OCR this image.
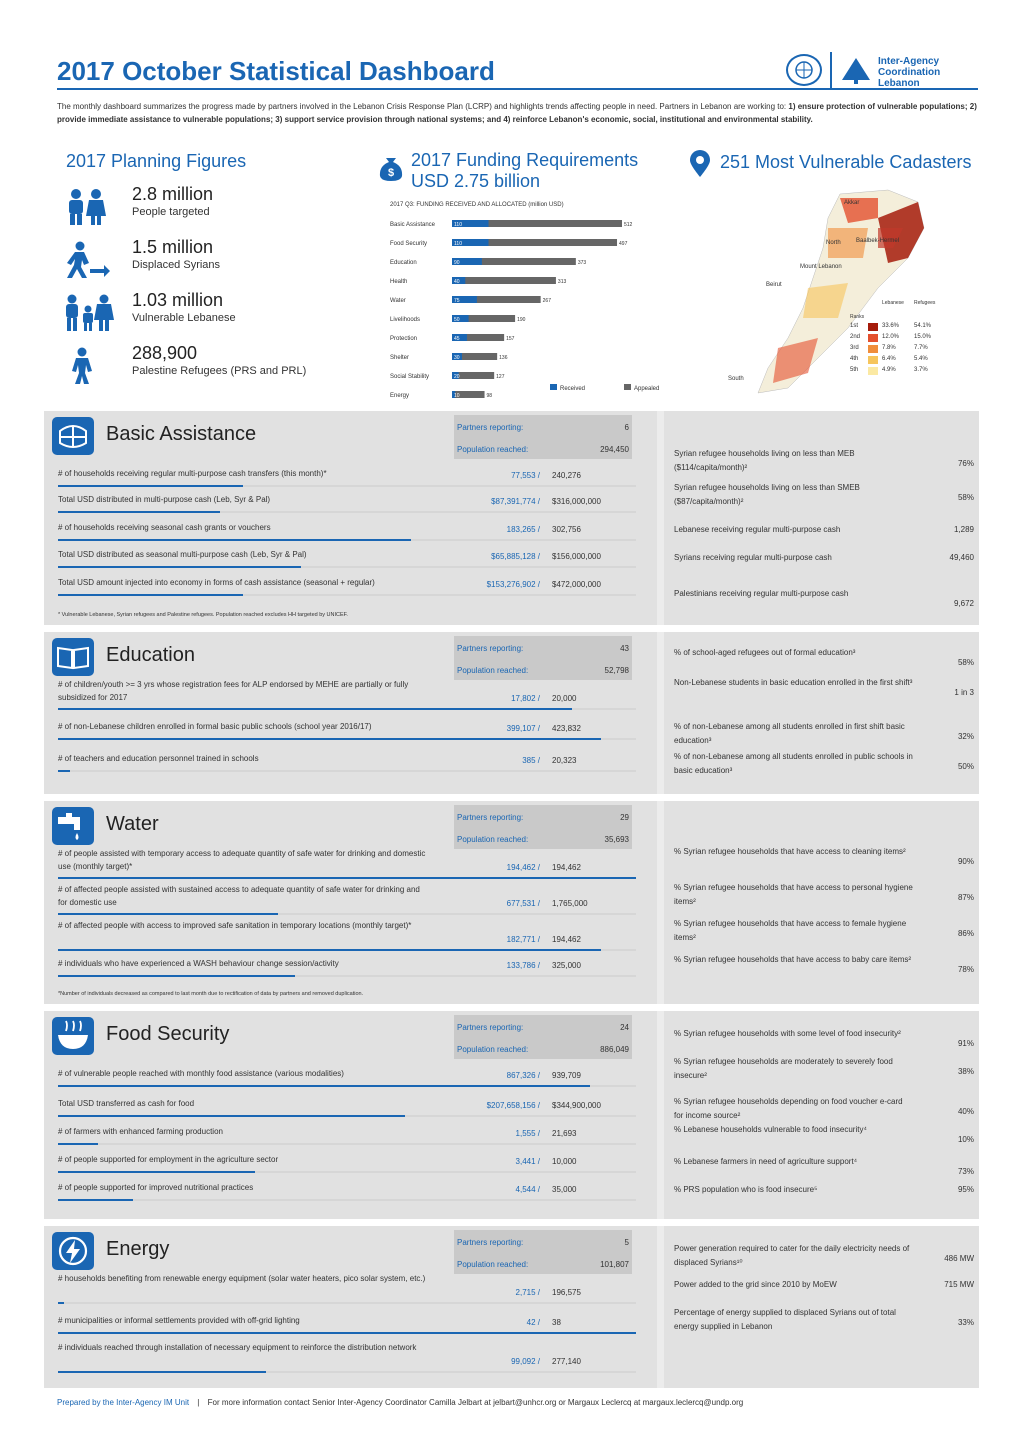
2017 October Statistical Dashboard	Inter-Agency
Coordination
Lebanon
The monthly dashboard summarizes the progress made by partners involved in the Lebanon Crisis Response Plan (LCRP) and highlights trends affecting people in need. Partners in Lebanon are working to: 1) ensure protection of vulnerable populations; 2) provide immediate assistance to vulnerable populations; 3) support service provision through national systems; and 4) reinforce Lebanon's economic, social, institutional and environmental stability.
2017 Planning Figures
2.8 million
People targeted
1.5 million
Displaced Syrians
1.03 million
Vulnerable Lebanese
288,900
Palestine Refugees (PRS and PRL)
$
2017 Funding Requirements
USD 2.75 billion
2017 Q3: FUNDING RECEIVED AND ALLOCATED (million USD)
Basic Assistance	110	512
Food Security	110	497
Education	90	373
Health	40	313
Water	75	267
Livelihoods	50	190
Protection	45	157
Shelter	30	136
Social Stability	20	127
Energy	10	98
Received	Appealed
251 Most Vulnerable Cadasters
Akkar
North	Baalbek-Hermel
Mount Lebanon
Beirut
South
Lebanese Refugees
Ranks
1st	33.6% 54.1%
2nd	12.0% 15.0%
3rd	7.8%	7.7%
4th	6.4%	5.4%
5th	4.9%	3.7%
Basic Assistance	Partners reporting:	6
Population reached:	294,450
# of households receiving regular multi-purpose cash transfers (this month)*	77,553 / 240,276
Total USD distributed in multi-purpose cash (Leb, Syr & Pal)	$87,391,774 / $316,000,000
# of households receiving seasonal cash grants or vouchers	183,265 / 302,756
Total USD distributed as seasonal multi-purpose cash (Leb, Syr & Pal)	$65,885,128 / $156,000,000
Total USD amount injected into economy in forms of cash assistance (seasonal + regular)	$153,276,902 / $472,000,000
* Vulnerable Lebanese, Syrian refugees and Palestine refugees. Population reached excludes HH targeted by UNICEF.
Syrian refugee households living on less than MEB ($114/capita/month)²	76%
Syrian refugee households living on less than SMEB ($87/capita/month)²	58%
Lebanese receiving regular multi-purpose cash	1,289
Syrians receiving regular multi-purpose cash	49,460
Palestinians receiving regular multi-purpose cash
9,672
Education	Partners reporting:	43
Population reached:	52,798
# of children/youth >= 3 yrs whose registration fees for ALP endorsed by MEHE are partially or fully subsidized for 2017	17,802 / 20,000
# of non-Lebanese children enrolled in formal basic public schools (school year 2016/17)	399,107 / 423,832
# of teachers and education personnel trained in schools	385 / 20,323
% of school-aged refugees out of formal education³
58%
Non-Lebanese students in basic education enrolled in the first shift³
1 in 3
% of non-Lebanese among all students enrolled in first shift basic education³	32%
% of non-Lebanese among all students enrolled in public schools in basic education³	50%
Water	Partners reporting:	29
Population reached:	35,693
# of people assisted with temporary access to adequate quantity of safe water for drinking and domestic use (monthly target)*	194,462 / 194,462
# of affected people assisted with sustained access to adequate quantity of safe water for drinking and for domestic use	677,531 / 1,765,000
# of affected people with access to improved safe sanitation in temporary locations (monthly target)*
182,771 / 194,462
# individuals who have experienced a WASH behaviour change session/activity	133,786 / 325,000
*Number of individuals decreased as compared to last month due to rectification of data by partners and removed duplication.
% Syrian refugee households that have access to cleaning items²
90%
% Syrian refugee households that have access to personal hygiene items²	87%
% Syrian refugee households that have access to female hygiene items²	86%
% Syrian refugee households that have access to baby care items²
78%
Food Security	Partners reporting:	24
Population reached:	886,049
# of vulnerable people reached with monthly food assistance (various modalities)	867,326 / 939,709
Total USD transferred as cash for food	$207,658,156 / $344,900,000
# of farmers with enhanced farming production	1,555 / 21,693
# of people supported for employment in the agriculture sector	3,441 / 10,000
# of people supported for improved nutritional practices	4,544 / 35,000
% Syrian refugee households with some level of food insecurity²
91%
% Syrian refugee households are moderately to severely food insecure²	38%
% Syrian refugee households depending on food voucher e-card for income source²	40%
% Lebanese households vulnerable to food insecurity⁴
10%
% Lebanese farmers in need of agriculture support⁴
73%
% PRS population who is food insecure⁵	95%
Energy	Partners reporting:	5
Population reached:	101,807
# households benefiting from renewable energy equipment (solar water heaters, pico solar system, etc.)
2,715 / 196,575
# municipalities or informal settlements provided with off-grid lighting	42 / 38
# individuals reached through installation of necessary equipment to reinforce the distribution network
99,092 / 277,140
Power generation required to cater for the daily electricity needs of displaced Syrians¹⁰	486 MW
Power added to the grid since 2010 by MoEW	715 MW
Percentage of energy supplied to displaced Syrians out of total energy supplied in Lebanon	33%
Prepared by the Inter-Agency IM Unit | For more information contact Senior Inter-Agency Coordinator Camilla Jelbart at jelbart@unhcr.org or Margaux Leclercq at margaux.leclercq@undp.org
